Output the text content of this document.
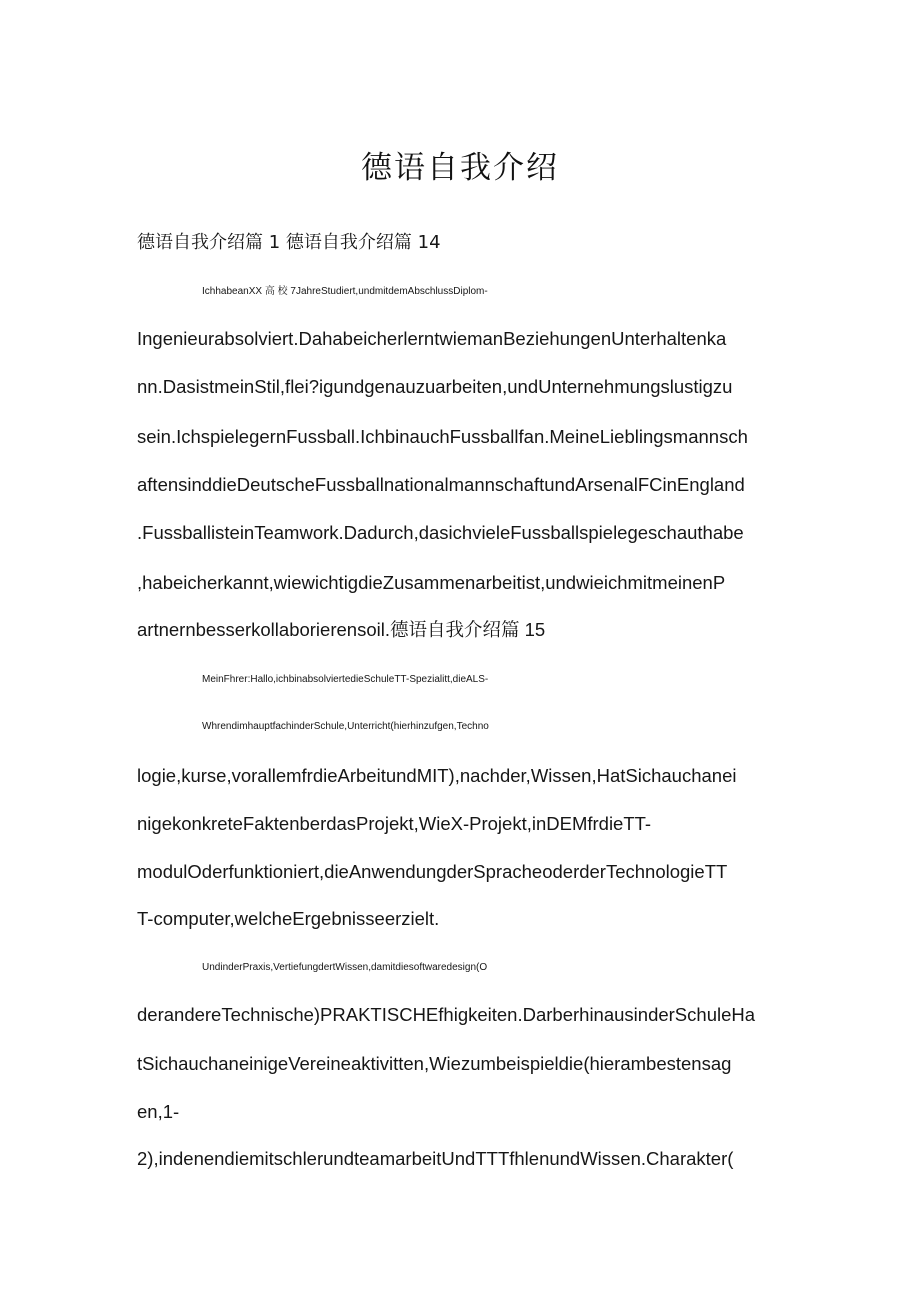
德语自我介绍
德语自我介绍篇 1 德语自我介绍篇 14
IchhabeanXX 高 校 7JahreStudiert,undmitdemAbschlussDiplom-
Ingenieurabsolviert.DahabeicherlerntwiemanBeziehungenUnterhaltenka
nn.DasistmeinStil,flei?igundgenauzuarbeiten,undUnternehmungslustigzu
sein.IchspielegernFussball.IchbinauchFussballfan.MeineLieblingsmannsch
aftensinddieDeutscheFussballnationalmannschaftundArsenalFCinEngland
.FussballisteinTeamwork.Dadurch,dasichvieleFussballspielegeschauthabe
,habeicherkannt,wiewichtigdieZusammenarbeitist,undwieichmitmeinenP
artnernbesserkollaborierensoil.德语自我介绍篇 15
MeinFhrer:Hallo,ichbinabsolviertedieSchuleTT-Spezialitt,dieALS-
WhrendimhauptfachinderSchule,Unterricht(hierhinzufgen,Techno
logie,kurse,vorallemfrdieArbeitundMIT),nachder,Wissen,HatSichauchanei
nigekonkreteFaktenberdasProjekt,WieX-Projekt,inDEMfrdieTT-
modulOderfunktioniert,dieAnwendungderSpracheoderderTechnologieTT
T-computer,welcheErgebnisseerzielt.
UndinderPraxis,VertiefungdertWissen,damitdiesoftwaredesign(O
derandereTechnische)PRAKTISCHEfhigkeiten.DarberhinausinderSchuleHa
tSichauchaneinigeVereineaktivitten,Wiezumbeispieldie(hierambestensag
en,1-
2),indenendiemitschlerundteamarbeitUndTTTfhlenundWissen.Charakter(
